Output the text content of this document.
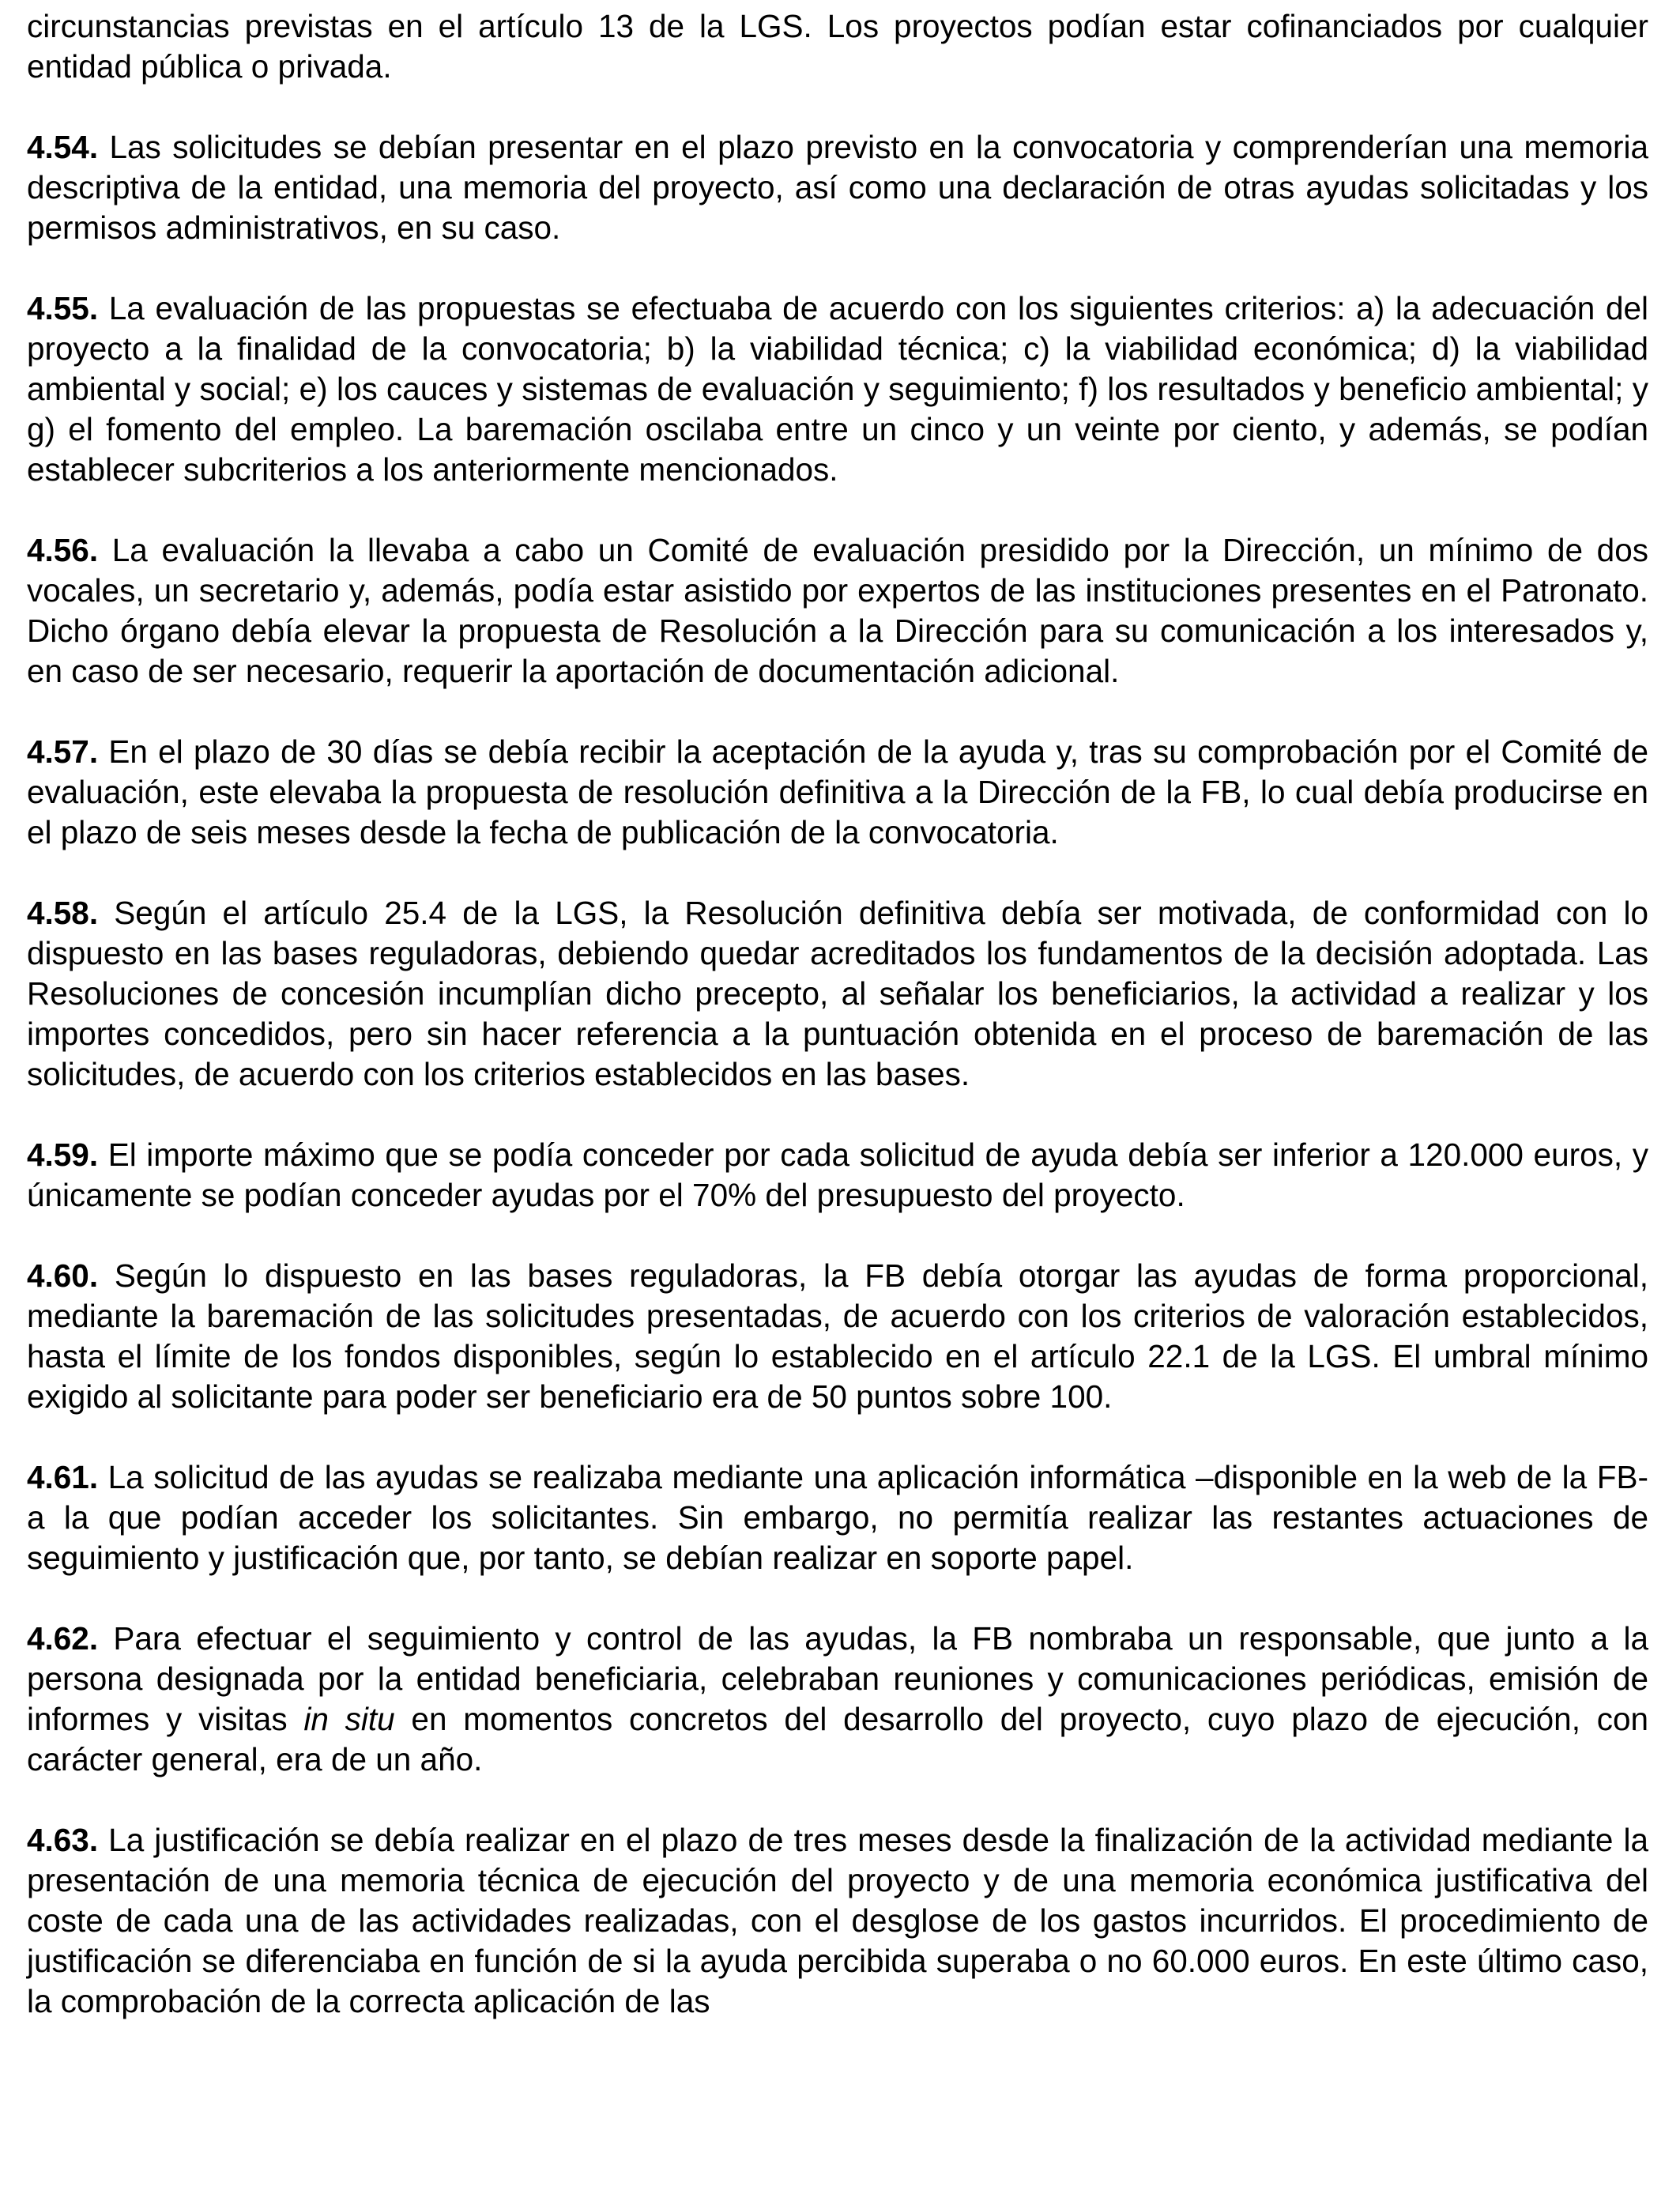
circunstancias previstas en el artículo 13 de la LGS. Los proyectos podían estar cofinanciados por cualquier entidad pública o privada.

4.54. Las solicitudes se debían presentar en el plazo previsto en la convocatoria y comprenderían una memoria descriptiva de la entidad, una memoria del proyecto, así como una declaración de otras ayudas solicitadas y los permisos administrativos, en su caso.

4.55. La evaluación de las propuestas se efectuaba de acuerdo con los siguientes criterios: a) la adecuación del proyecto a la finalidad de la convocatoria; b) la viabilidad técnica; c) la viabilidad económica; d) la viabilidad ambiental y social; e) los cauces y sistemas de evaluación y seguimiento; f) los resultados y beneficio ambiental; y g) el fomento del empleo. La baremación oscilaba entre un cinco y un veinte por ciento, y además, se podían establecer subcriterios a los anteriormente mencionados.

4.56. La evaluación la llevaba a cabo un Comité de evaluación presidido por la Dirección, un mínimo de dos vocales, un secretario y, además, podía estar asistido por expertos de las instituciones presentes en el Patronato. Dicho órgano debía elevar la propuesta de Resolución a la Dirección para su comunicación a los interesados y, en caso de ser necesario, requerir la aportación de documentación adicional.

4.57. En el plazo de 30 días se debía recibir la aceptación de la ayuda y, tras su comprobación por el Comité de evaluación, este elevaba la propuesta de resolución definitiva a la Dirección de la FB, lo cual debía producirse en el plazo de seis meses desde la fecha de publicación de la convocatoria.

4.58. Según el artículo 25.4 de la LGS, la Resolución definitiva debía ser motivada, de conformidad con lo dispuesto en las bases reguladoras, debiendo quedar acreditados los fundamentos de la decisión adoptada. Las Resoluciones de concesión incumplían dicho precepto, al señalar los beneficiarios, la actividad a realizar y los importes concedidos, pero sin hacer referencia a la puntuación obtenida en el proceso de baremación de las solicitudes, de acuerdo con los criterios establecidos en las bases.

4.59. El importe máximo que se podía conceder por cada solicitud de ayuda debía ser inferior a 120.000 euros, y únicamente se podían conceder ayudas por el 70% del presupuesto del proyecto.

4.60. Según lo dispuesto en las bases reguladoras, la FB debía otorgar las ayudas de forma proporcional, mediante la baremación de las solicitudes presentadas, de acuerdo con los criterios de valoración establecidos, hasta el límite de los fondos disponibles, según lo establecido en el artículo 22.1 de la LGS. El umbral mínimo exigido al solicitante para poder ser beneficiario era de 50 puntos sobre 100.

4.61. La solicitud de las ayudas se realizaba mediante una aplicación informática –disponible en la web de la FB- a la que podían acceder los solicitantes. Sin embargo, no permitía realizar las restantes actuaciones de seguimiento y justificación que, por tanto, se debían realizar en soporte papel.

4.62. Para efectuar el seguimiento y control de las ayudas, la FB nombraba un responsable, que junto a la persona designada por la entidad beneficiaria, celebraban reuniones y comunicaciones periódicas, emisión de informes y visitas in situ en momentos concretos del desarrollo del proyecto, cuyo plazo de ejecución, con carácter general, era de un año.

4.63. La justificación se debía realizar en el plazo de tres meses desde la finalización de la actividad mediante la presentación de una memoria técnica de ejecución del proyecto y de una memoria económica justificativa del coste de cada una de las actividades realizadas, con el desglose de los gastos incurridos. El procedimiento de justificación se diferenciaba en función de si la ayuda percibida superaba o no 60.000 euros. En este último caso, la comprobación de la correcta aplicación de las
